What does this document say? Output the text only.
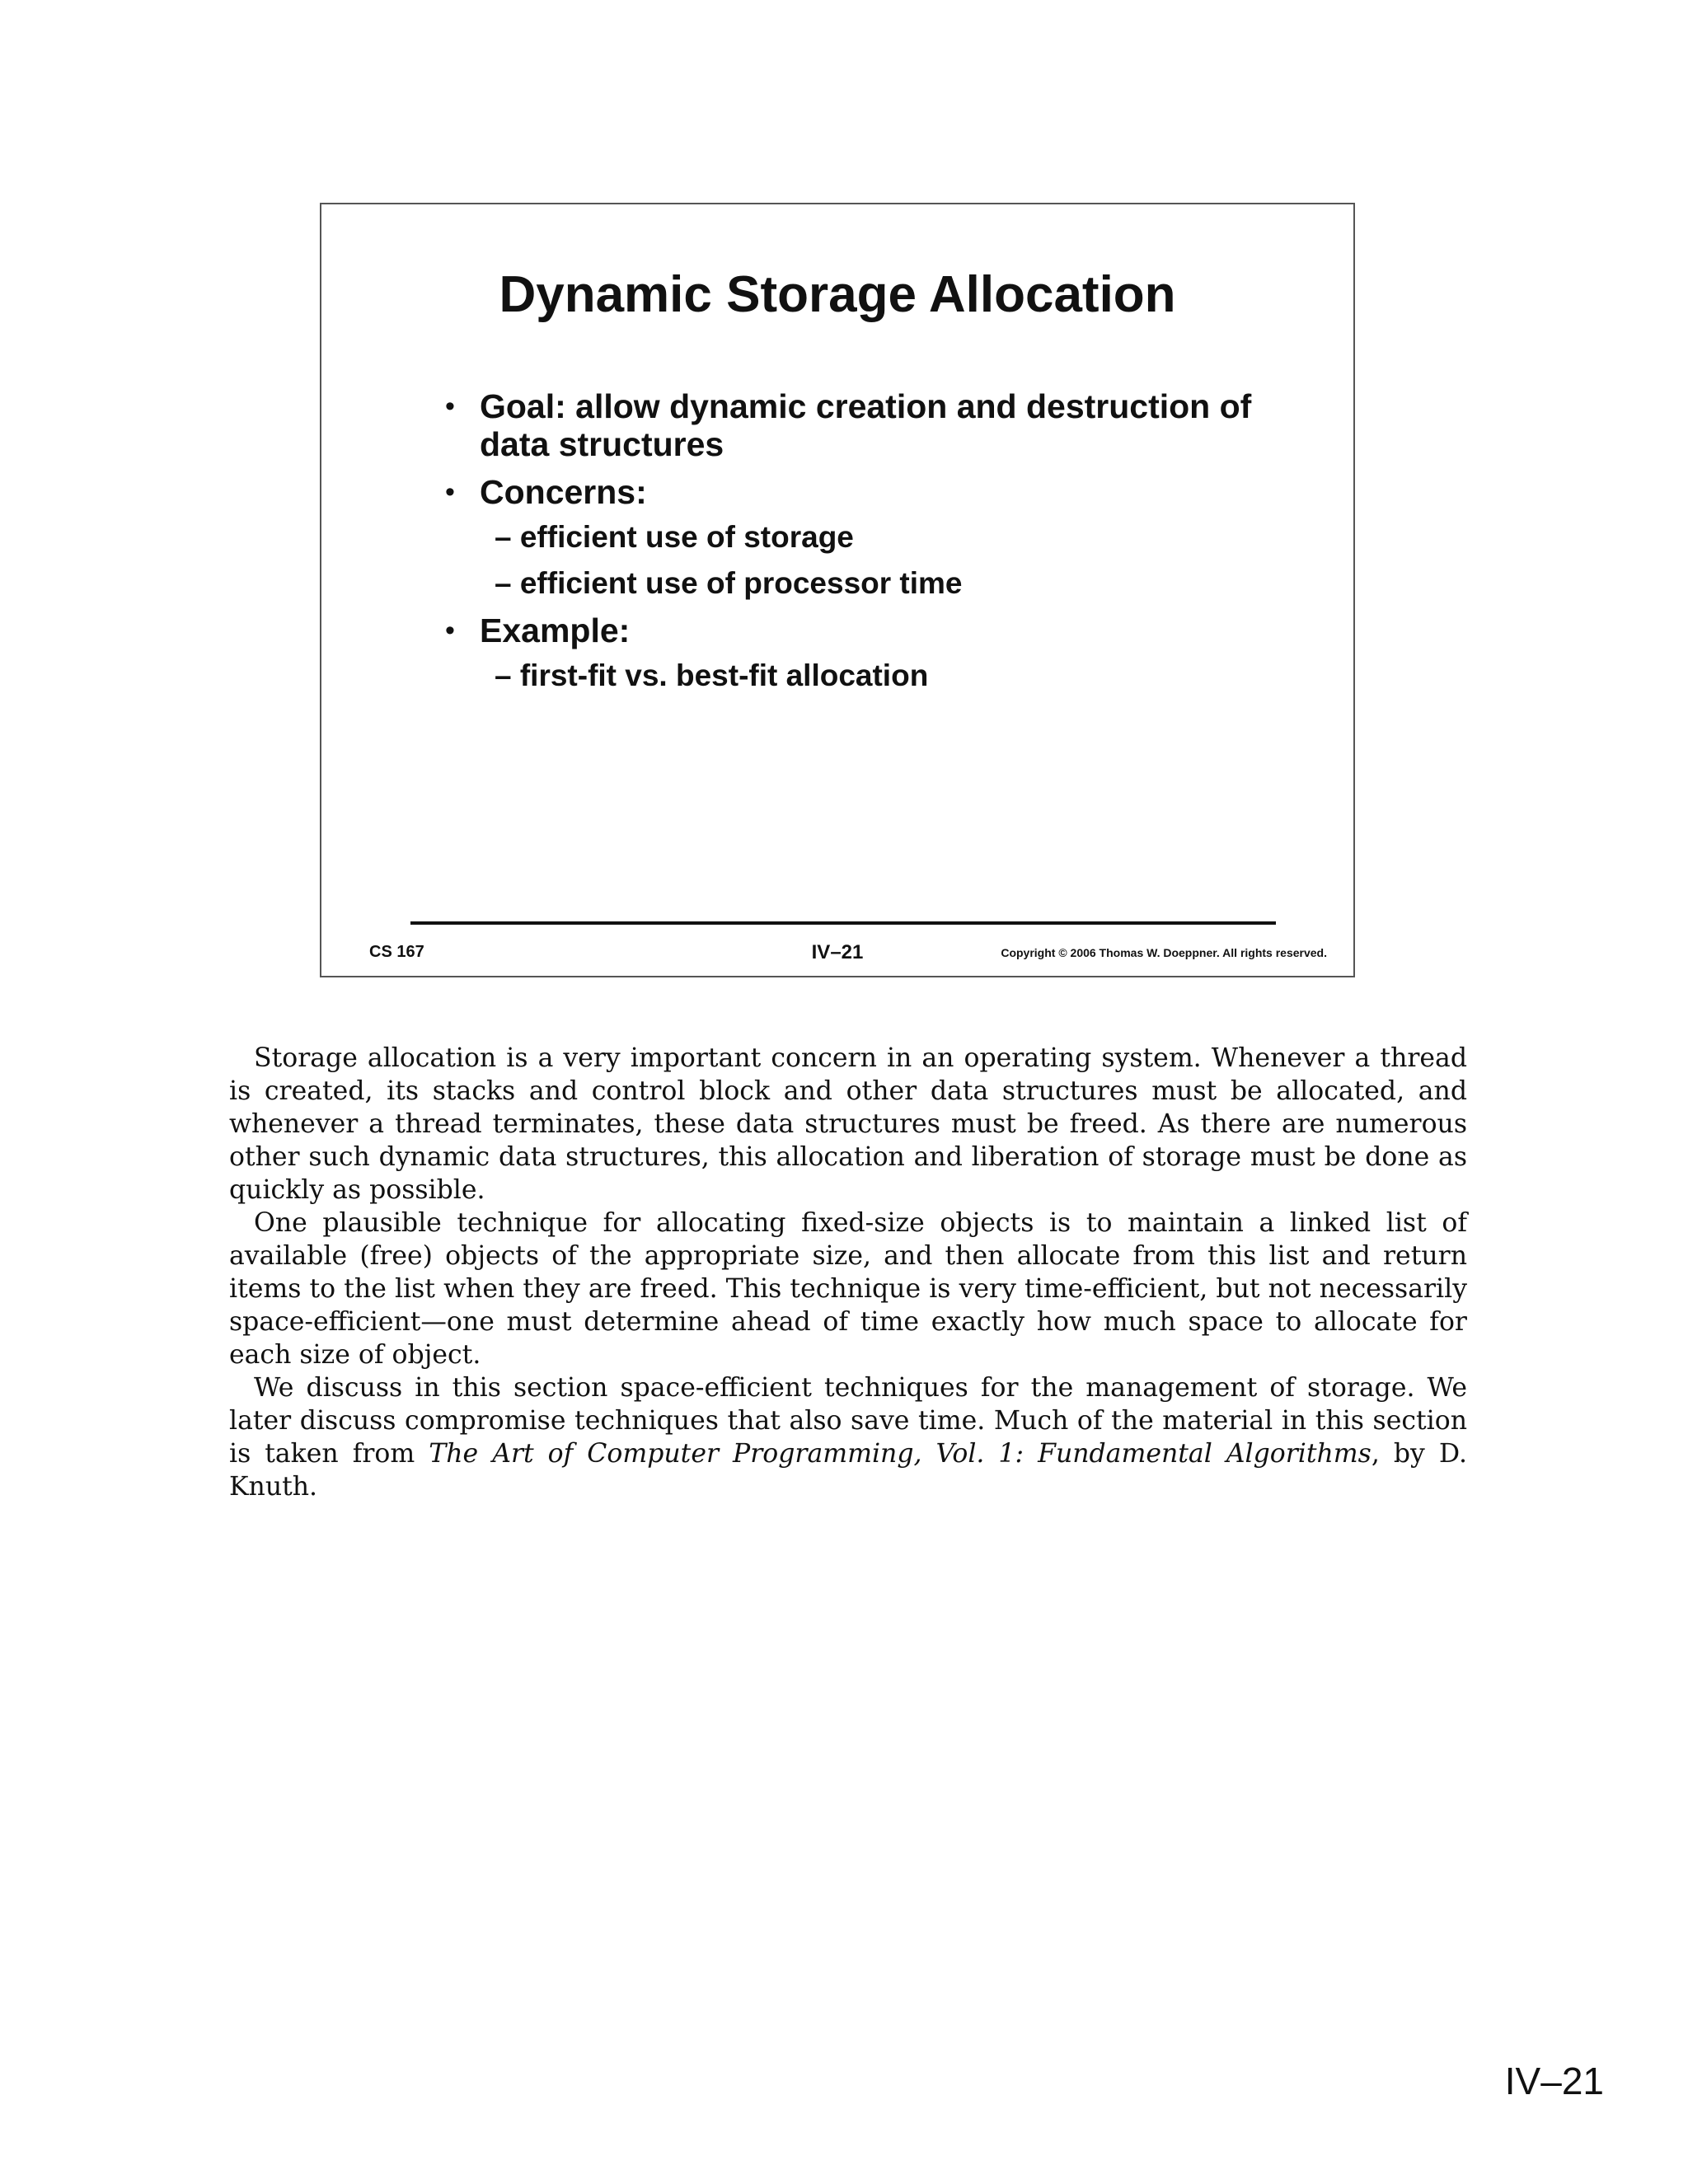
Dynamic Storage Allocation
• Goal: allow dynamic creation and destruction of data structures
• Concerns:
– efficient use of storage
– efficient use of processor time
• Example:
– first-fit vs. best-fit allocation
CS 167	IV–21	Copyright © 2006 Thomas W. Doeppner. All rights reserved.

Storage allocation is a very important concern in an operating system. Whenever a thread is created, its stacks and control block and other data structures must be allocated, and whenever a thread terminates, these data structures must be freed. As there are numerous other such dynamic data structures, this allocation and liberation of storage must be done as quickly as possible.

One plausible technique for allocating fixed-size objects is to maintain a linked list of available (free) objects of the appropriate size, and then allocate from this list and return items to the list when they are freed. This technique is very time-efficient, but not necessarily space-efficient—one must determine ahead of time exactly how much space to allocate for each size of object.

We discuss in this section space-efficient techniques for the management of storage. We later discuss compromise techniques that also save time. Much of the material in this section is taken from The Art of Computer Programming, Vol. 1: Fundamental Algorithms, by D. Knuth.

IV–21
